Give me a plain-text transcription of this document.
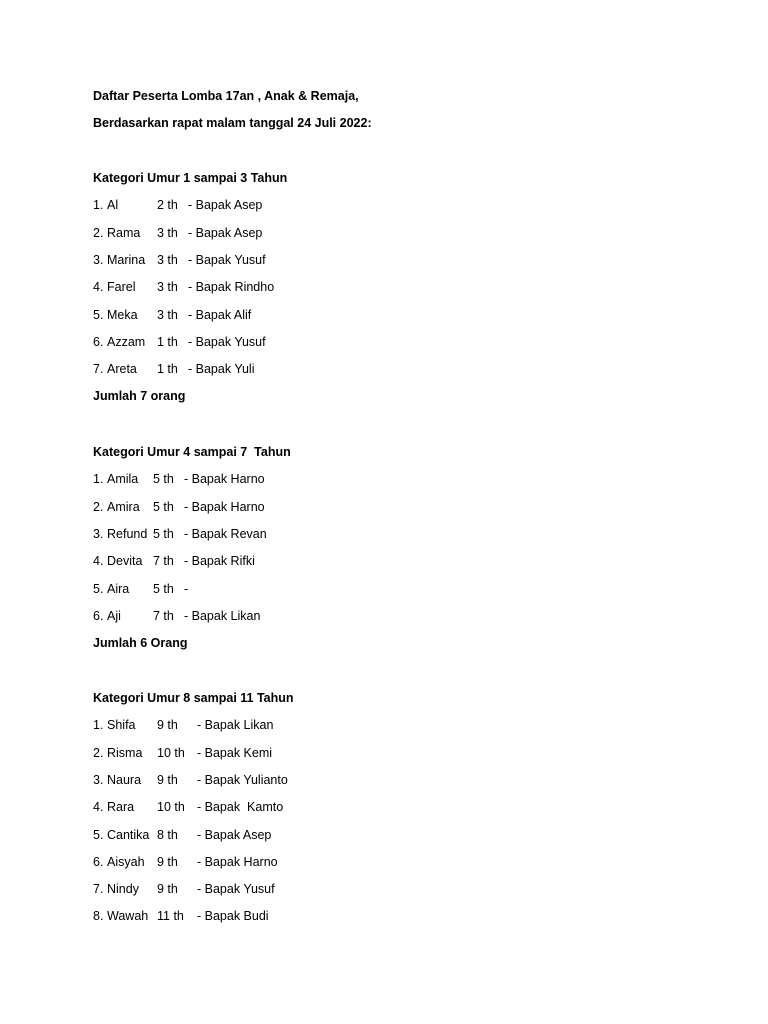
Daftar Peserta Lomba 17an , Anak & Remaja,
Berdasarkan rapat malam tanggal 24 Juli 2022:
Kategori Umur 1 sampai 3 Tahun
1. Al	2 th - Bapak Asep
2. Rama 3 th - Bapak Asep
3. Marina 3 th - Bapak Yusuf
4. Farel 3 th - Bapak Rindho
5. Meka 3 th - Bapak Alif
6. Azzam 1 th - Bapak Yusuf
7. Areta 1 th - Bapak Yuli
Jumlah 7 orang
Kategori Umur 4 sampai 7  Tahun
1. Amila 5 th - Bapak Harno
2. Amira 5 th - Bapak Harno
3. Refund 5 th - Bapak Revan
4. Devita 7 th - Bapak Rifki
5. Aira 5 th -
6. Aji	7 th - Bapak Likan
Jumlah 6 Orang
Kategori Umur 8 sampai 11 Tahun
1. Shifa 9 th - Bapak Likan
2. Risma 10 th - Bapak Kemi
3. Naura 9 th - Bapak Yulianto
4. Rara 10 th - Bapak  Kamto
5. Cantika 8 th - Bapak Asep
6. Aisyah 9 th - Bapak Harno
7. Nindy 9 th - Bapak Yusuf
8. Wawah 11 th - Bapak Budi
